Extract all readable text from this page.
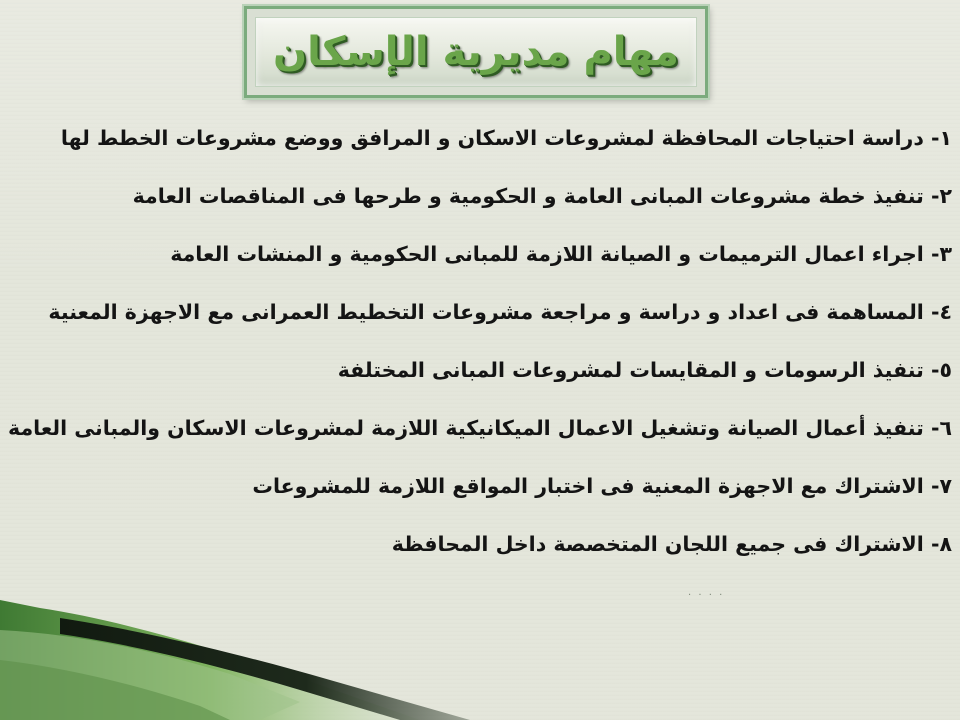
مهام مديرية الإسكان
١- دراسة احتياجات المحافظة لمشروعات الاسكان و المرافق ووضع مشروعات الخطط لها
٢- تنفيذ خطة مشروعات المبانى العامة و الحكومية و طرحها فى المناقصات العامة
٣- اجراء اعمال الترميمات و الصيانة اللازمة للمبانى الحكومية و المنشات العامة
٤- المساهمة فى اعداد و دراسة و مراجعة مشروعات التخطيط العمرانى مع الاجهزة المعنية
٥- تنفيذ الرسومات و المقايسات لمشروعات المبانى المختلفة
٦- تنفيذ أعمال الصيانة وتشغيل الاعمال الميكانيكية اللازمة لمشروعات الاسكان والمبانى العامة
٧- الاشتراك مع الاجهزة المعنية فى اختبار المواقع اللازمة للمشروعات
٨- الاشتراك فى جميع اللجان المتخصصة داخل المحافظة
· · · ·
